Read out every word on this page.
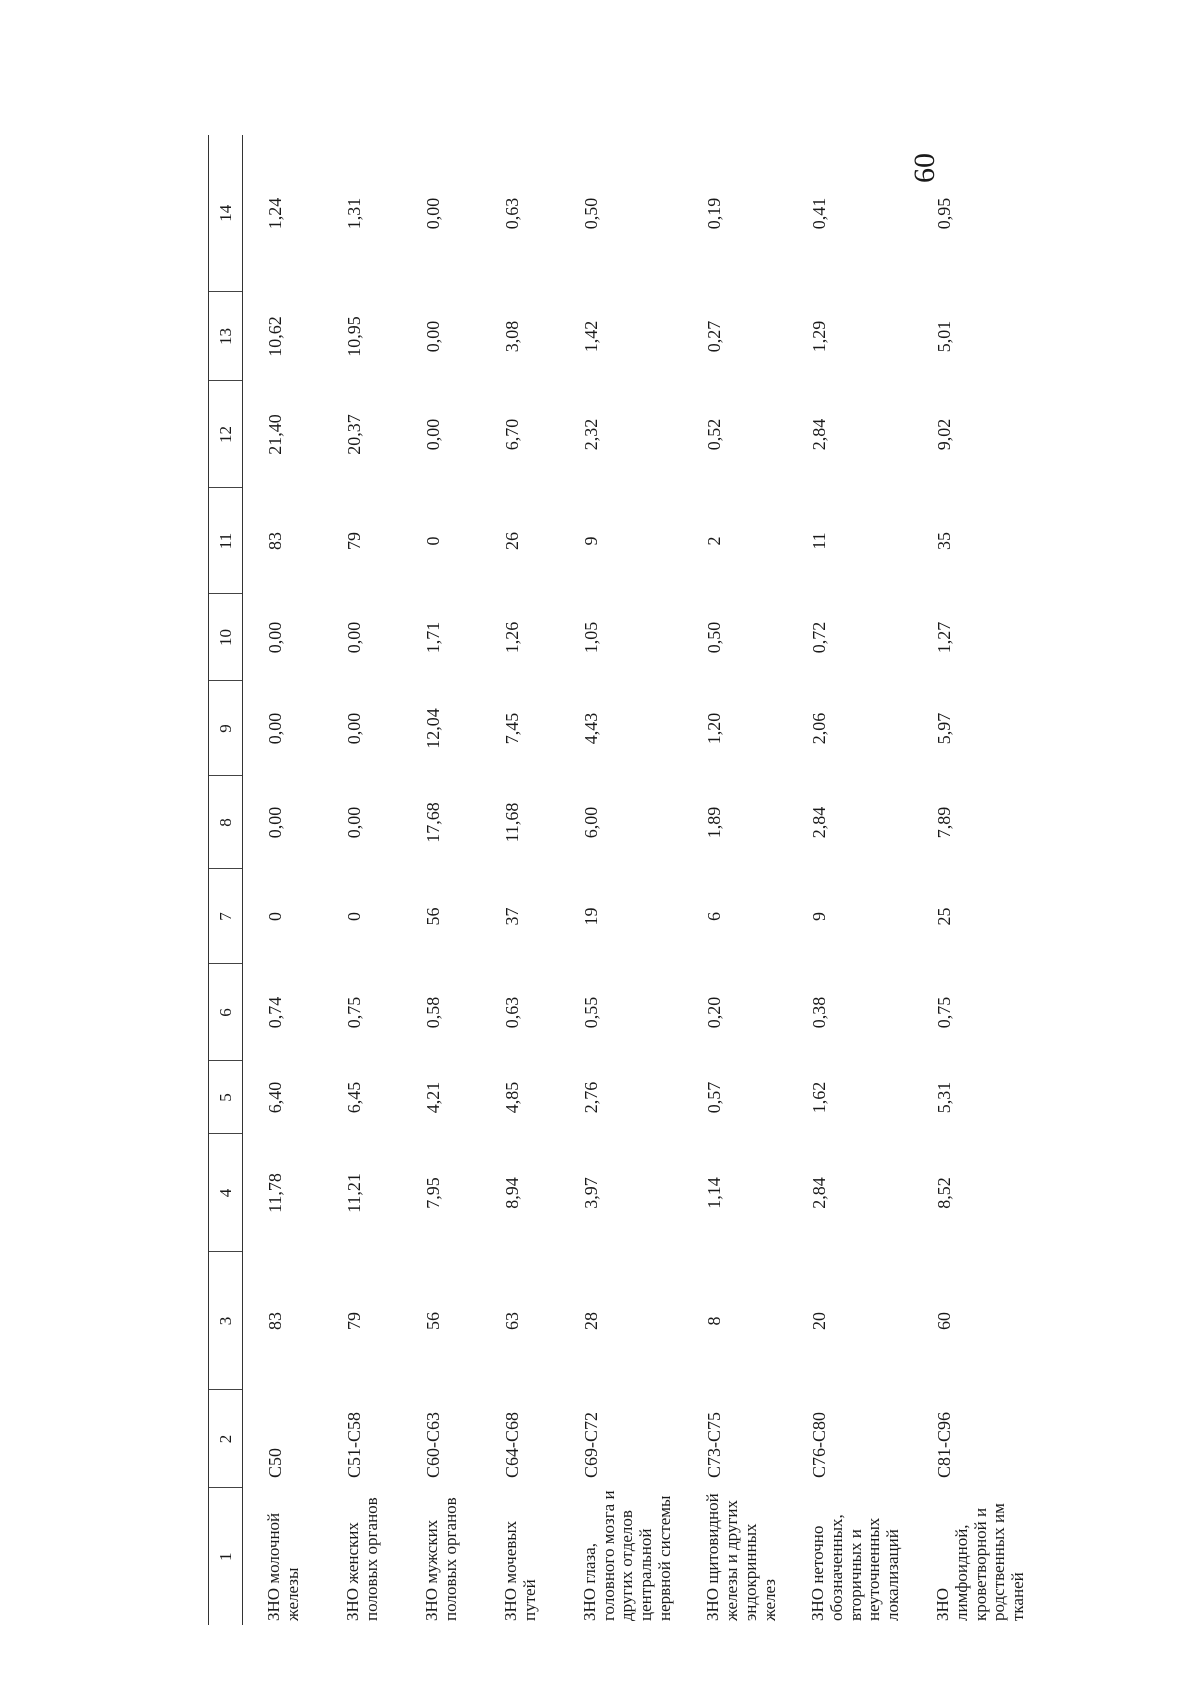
60
1	2	3	4	5	6	7	8	9	10	11	12	13	14
ЗНО молочной железы	C50	83	11,78	6,40	0,74	0	0,00	0,00	0,00	83	21,40	10,62	1,24
ЗНО женских половых органов	C51-C58	79	11,21	6,45	0,75	0	0,00	0,00	0,00	79	20,37	10,95	1,31
ЗНО мужских половых органов	C60-C63	56	7,95	4,21	0,58	56	17,68	12,04	1,71	0	0,00	0,00	0,00
ЗНО мочевых путей	C64-C68	63	8,94	4,85	0,63	37	11,68	7,45	1,26	26	6,70	3,08	0,63
ЗНО глаза, головного мозга и других отделов центральной нервной системы	C69-C72	28	3,97	2,76	0,55	19	6,00	4,43	1,05	9	2,32	1,42	0,50
ЗНО щитовидной железы и других эндокринных желез	C73-C75	8	1,14	0,57	0,20	6	1,89	1,20	0,50	2	0,52	0,27	0,19
ЗНО неточно обозначенных, вторичных и неуточненных локализаций	C76-C80	20	2,84	1,62	0,38	9	2,84	2,06	0,72	11	2,84	1,29	0,41
ЗНО лимфоидной, кроветворной и родственных им тканей	C81-C96	60	8,52	5,31	0,75	25	7,89	5,97	1,27	35	9,02	5,01	0,95
